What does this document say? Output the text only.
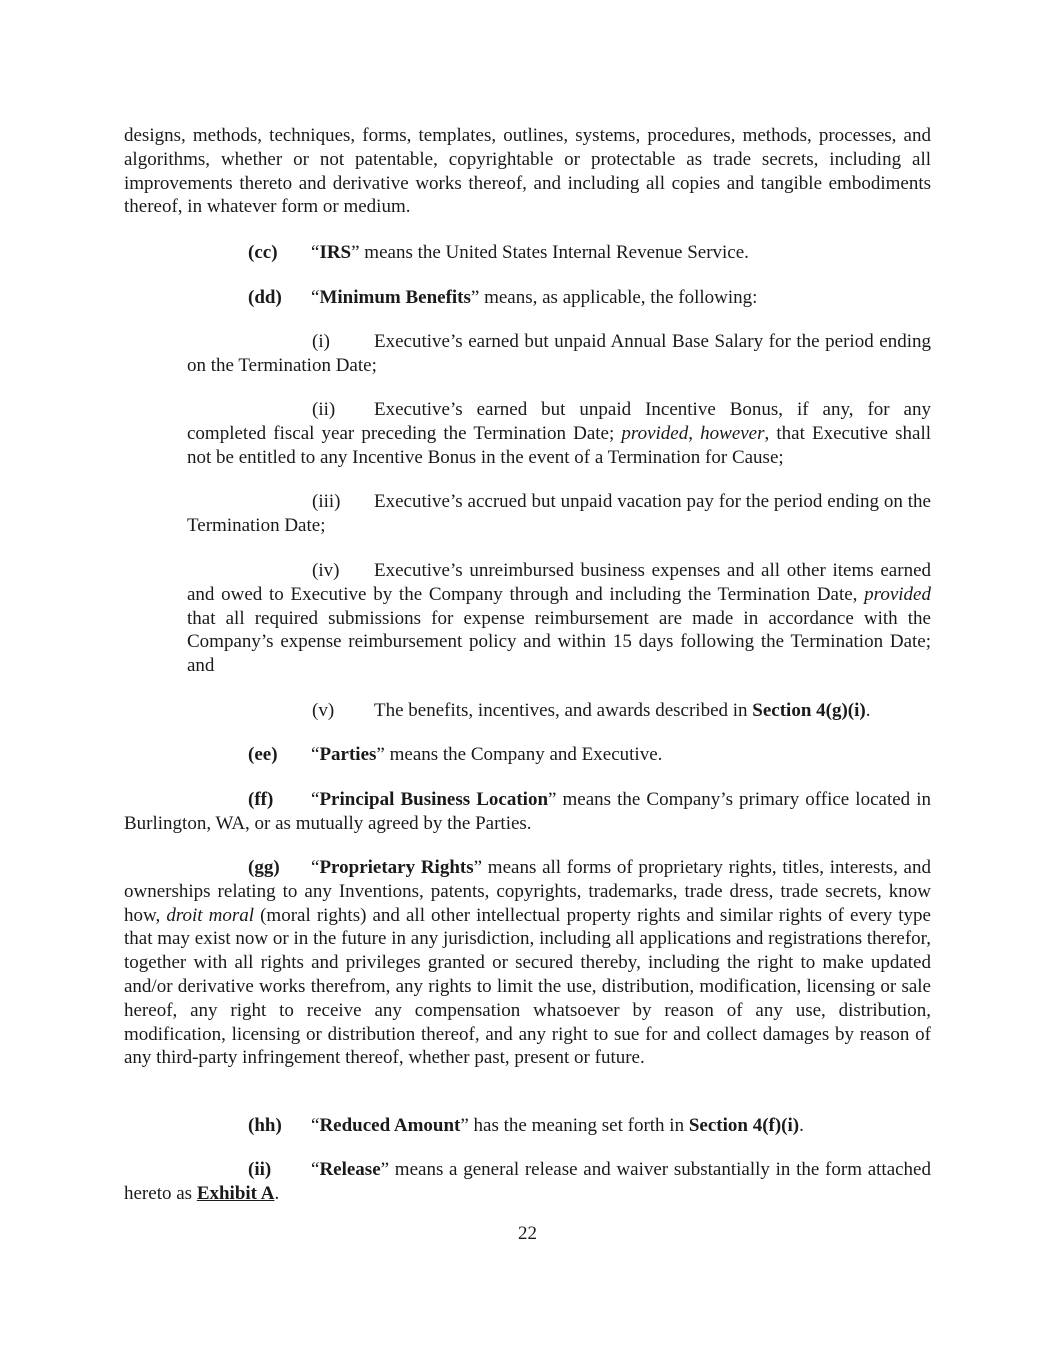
designs, methods, techniques, forms, templates, outlines, systems, procedures, methods, processes, and algorithms, whether or not patentable, copyrightable or protectable as trade secrets, including all improvements thereto and derivative works thereof, and including all copies and tangible embodiments thereof, in whatever form or medium.

(cc) “IRS” means the United States Internal Revenue Service.

(dd) “Minimum Benefits” means, as applicable, the following:

(i) Executive’s earned but unpaid Annual Base Salary for the period ending on the Termination Date;

(ii) Executive’s earned but unpaid Incentive Bonus, if any, for any completed fiscal year preceding the Termination Date; provided, however, that Executive shall not be entitled to any Incentive Bonus in the event of a Termination for Cause;

(iii) Executive’s accrued but unpaid vacation pay for the period ending on the Termination Date;

(iv) Executive’s unreimbursed business expenses and all other items earned and owed to Executive by the Company through and including the Termination Date, provided that all required submissions for expense reimbursement are made in accordance with the Company’s expense reimbursement policy and within 15 days following the Termination Date; and

(v) The benefits, incentives, and awards described in Section 4(g)(i).

(ee) “Parties” means the Company and Executive.

(ff) “Principal Business Location” means the Company’s primary office located in Burlington, WA, or as mutually agreed by the Parties.

(gg) “Proprietary Rights” means all forms of proprietary rights, titles, interests, and ownerships relating to any Inventions, patents, copyrights, trademarks, trade dress, trade secrets, know how, droit moral (moral rights) and all other intellectual property rights and similar rights of every type that may exist now or in the future in any jurisdiction, including all applications and registrations therefor, together with all rights and privileges granted or secured thereby, including the right to make updated and/or derivative works therefrom, any rights to limit the use, distribution, modification, licensing or sale hereof, any right to receive any compensation whatsoever by reason of any use, distribution, modification, licensing or distribution thereof, and any right to sue for and collect damages by reason of any third-party infringement thereof, whether past, present or future.

(hh) “Reduced Amount” has the meaning set forth in Section 4(f)(i).

(ii) “Release” means a general release and waiver substantially in the form attached hereto as Exhibit A.

22
